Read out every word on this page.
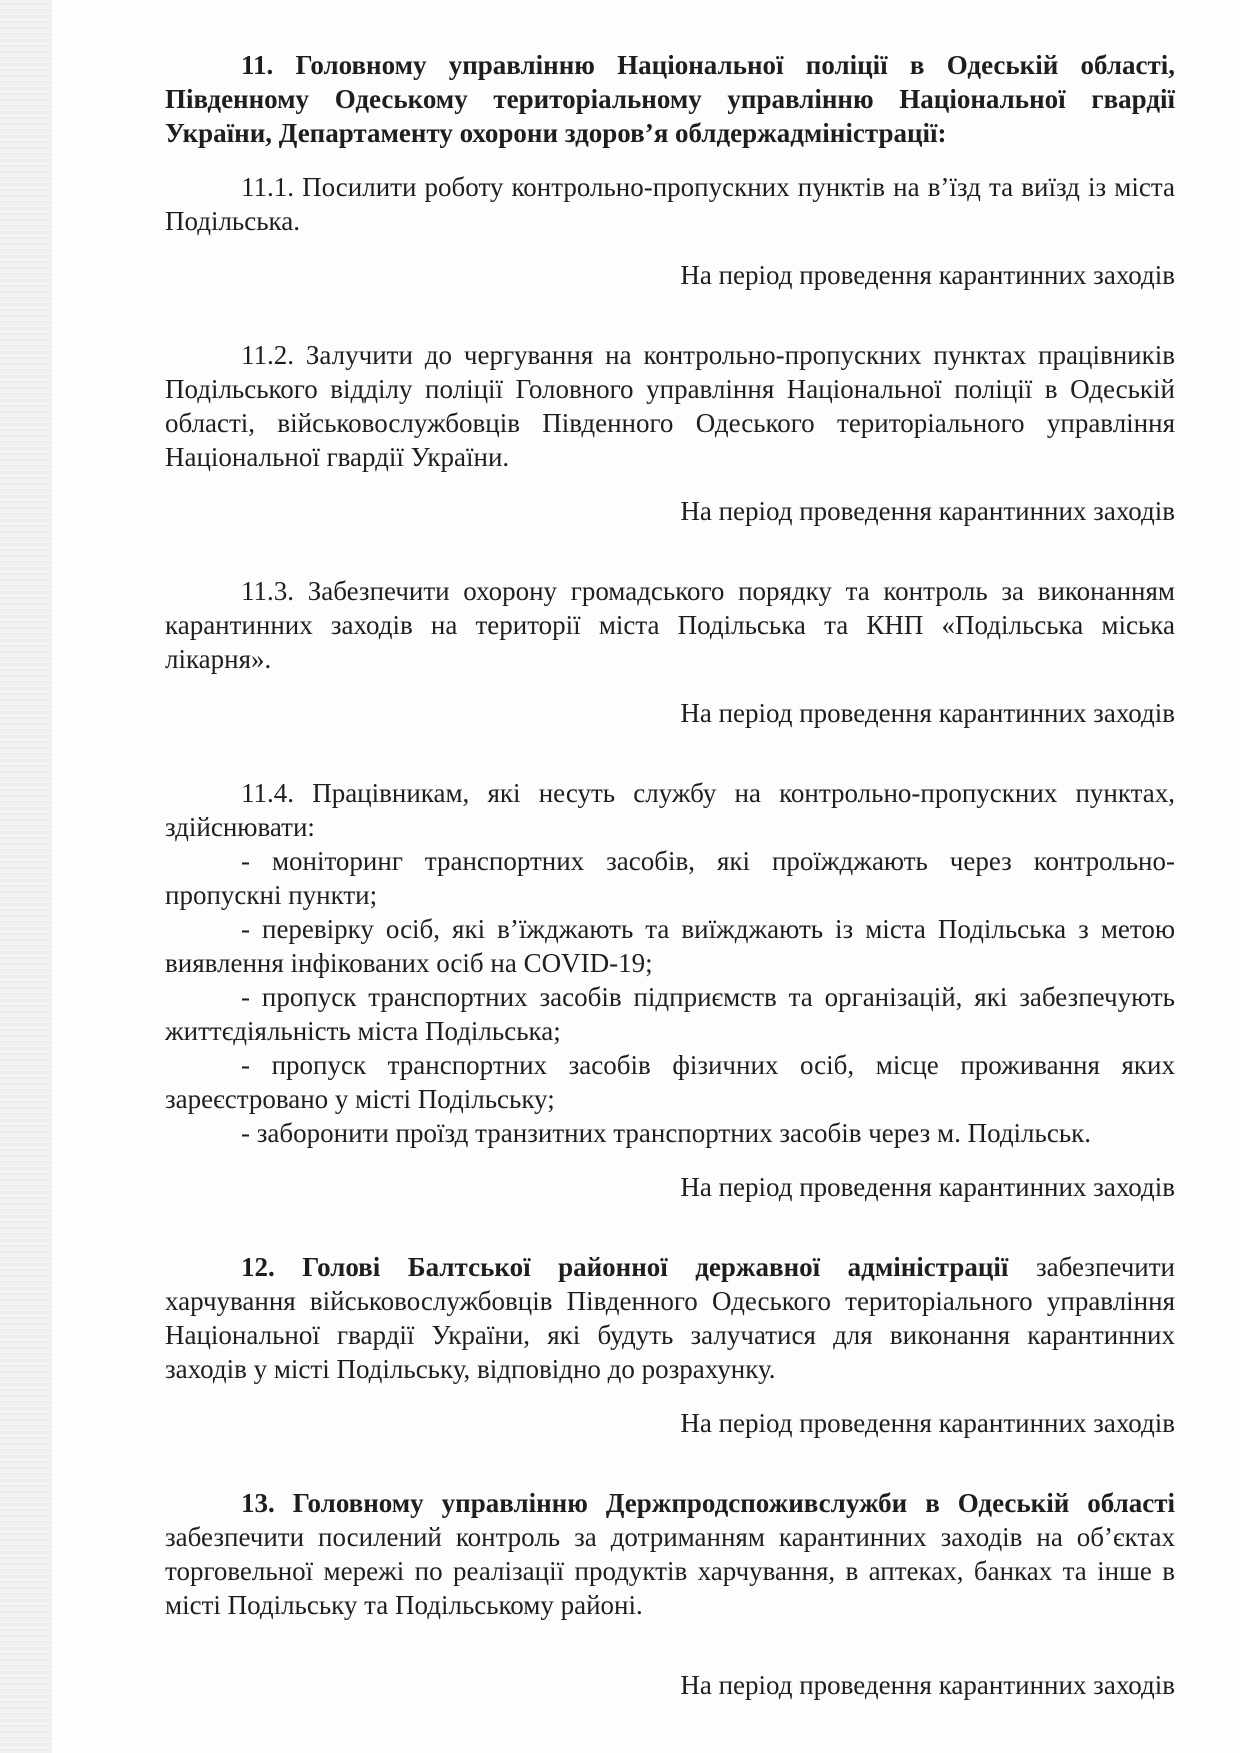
11. Головному управлінню Національної поліції в Одеській області, Південному Одеському територіальному управлінню Національної гвардії України, Департаменту охорони здоров’я облдержадміністрації:

11.1. Посилити роботу контрольно-пропускних пунктів на в’їзд та виїзд із міста Подільська.

На період проведення карантинних заходів

11.2. Залучити до чергування на контрольно-пропускних пунктах працівників Подільського відділу поліції Головного управління Національної поліції в Одеській області, військовослужбовців Південного Одеського територіального управління Національної гвардії України.

На період проведення карантинних заходів

11.3. Забезпечити охорону громадського порядку та контроль за виконанням карантинних заходів на території міста Подільська та КНП «Подільська міська лікарня».

На період проведення карантинних заходів

11.4. Працівникам, які несуть службу на контрольно-пропускних пунктах, здійснювати:
- моніторинг транспортних засобів, які проїжджають через контрольно-пропускні пункти;
- перевірку осіб, які в’їжджають та виїжджають із міста Подільська з метою виявлення інфікованих осіб на COVID-19;
- пропуск транспортних засобів підприємств та організацій, які забезпечують життєдіяльність міста Подільська;
- пропуск транспортних засобів фізичних осіб, місце проживання яких зареєстровано у місті Подільську;
- заборонити проїзд транзитних транспортних засобів через м. Подільськ.

На період проведення карантинних заходів

12. Голові Балтської районної державної адміністрації забезпечити харчування військовослужбовців Південного Одеського територіального управління Національної гвардії України, які будуть залучатися для виконання карантинних заходів у місті Подільську, відповідно до розрахунку.

На період проведення карантинних заходів

13. Головному управлінню Держпродспоживслужби в Одеській області забезпечити посилений контроль за дотриманням карантинних заходів на об’єктах торговельної мережі по реалізації продуктів харчування, в аптеках, банках та інше в місті Подільську та Подільському районі.

На період проведення карантинних заходів
